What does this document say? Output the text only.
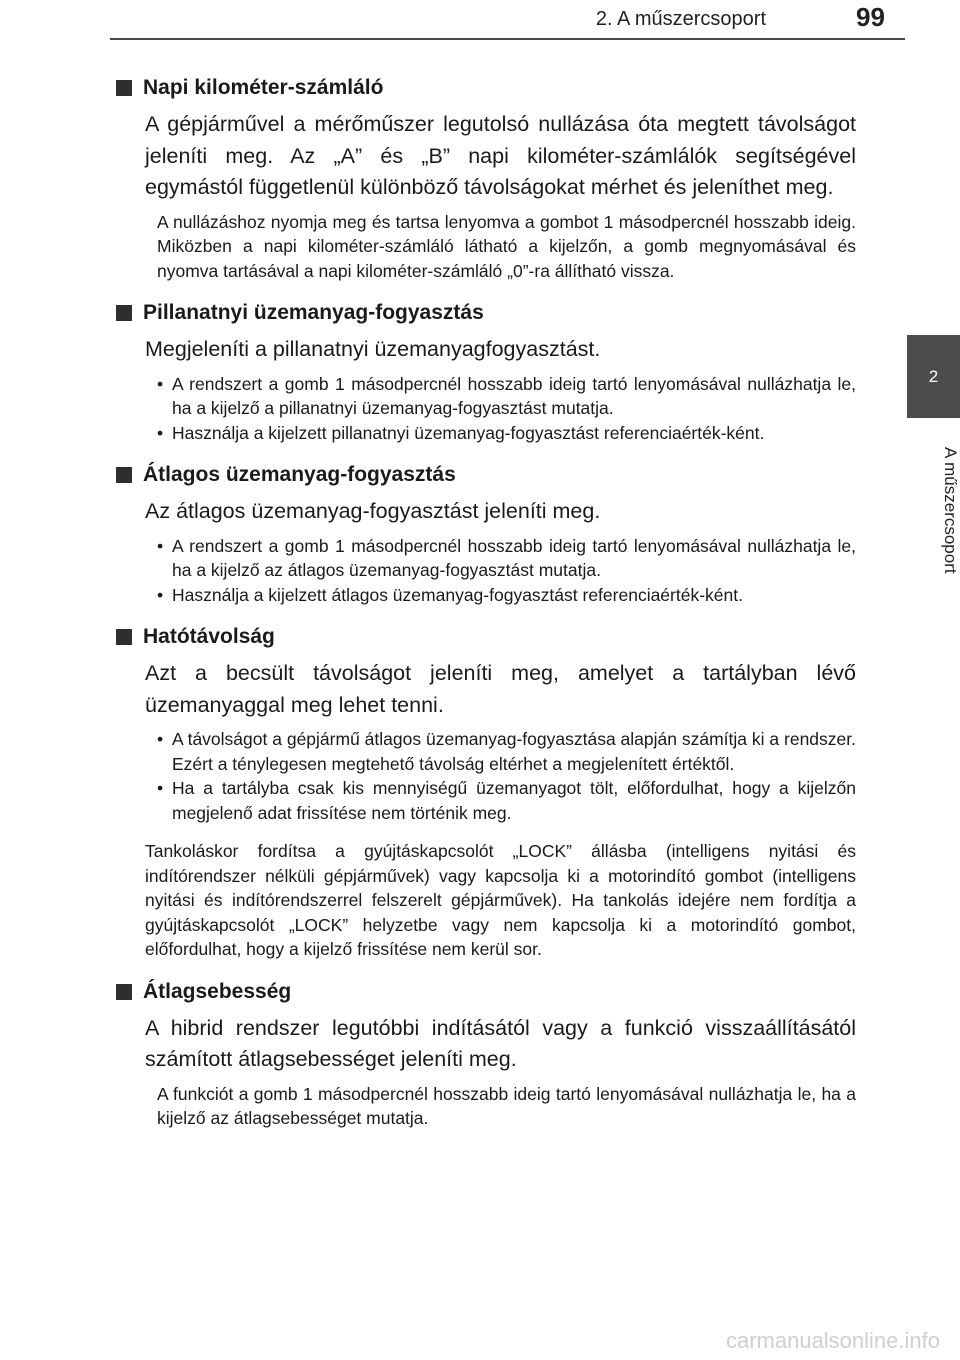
2. A műszercsoport	99
2
A műszercsoport
Napi kilométer-számláló

A gépjárművel a mérőműszer legutolsó nullázása óta megtett távolságot jeleníti meg. Az „A” és „B” napi kilométer-számlálók segítségével egymástól függetlenül különböző távolságokat mérhet és jeleníthet meg.

A nullázáshoz nyomja meg és tartsa lenyomva a gombot 1 másodpercnél hosszabb ideig. Miközben a napi kilométer-számláló látható a kijelzőn, a gomb megnyomásával és nyomva tartásával a napi kilométer-számláló „0”-ra állítható vissza.

Pillanatnyi üzemanyag-fogyasztás

Megjeleníti a pillanatnyi üzemanyagfogyasztást.

• A rendszert a gomb 1 másodpercnél hosszabb ideig tartó lenyomásával nullázhatja le, ha a kijelző a pillanatnyi üzemanyag-fogyasztást mutatja.
• Használja a kijelzett pillanatnyi üzemanyag-fogyasztást referenciaérték-ként.
Átlagos üzemanyag-fogyasztás

Az átlagos üzemanyag-fogyasztást jeleníti meg.

• A rendszert a gomb 1 másodpercnél hosszabb ideig tartó lenyomásával nullázhatja le, ha a kijelző az átlagos üzemanyag-fogyasztást mutatja.
• Használja a kijelzett átlagos üzemanyag-fogyasztást referenciaérték-ként.
Hatótávolság

Azt a becsült távolságot jeleníti meg, amelyet a tartályban lévő üzemanyaggal meg lehet tenni.

• A távolságot a gépjármű átlagos üzemanyag-fogyasztása alapján számítja ki a rendszer. Ezért a ténylegesen megtehető távolság eltérhet a megjelenített értéktől.
• Ha a tartályba csak kis mennyiségű üzemanyagot tölt, előfordulhat, hogy a kijelzőn megjelenő adat frissítése nem történik meg.

Tankoláskor fordítsa a gyújtáskapcsolót „LOCK” állásba (intelligens nyitási és indítórendszer nélküli gépjárművek) vagy kapcsolja ki a motorindító gombot (intelligens nyitási és indítórendszerrel felszerelt gépjárművek). Ha tankolás idejére nem fordítja a gyújtáskapcsolót „LOCK” helyzetbe vagy nem kapcsolja ki a motorindító gombot, előfordulhat, hogy a kijelző frissítése nem kerül sor.

Átlagsebesség

A hibrid rendszer legutóbbi indításától vagy a funkció visszaállításától számított átlagsebességet jeleníti meg.

A funkciót a gomb 1 másodpercnél hosszabb ideig tartó lenyomásával nullázhatja le, ha a kijelző az átlagsebességet mutatja.

carmanualsonline.info
